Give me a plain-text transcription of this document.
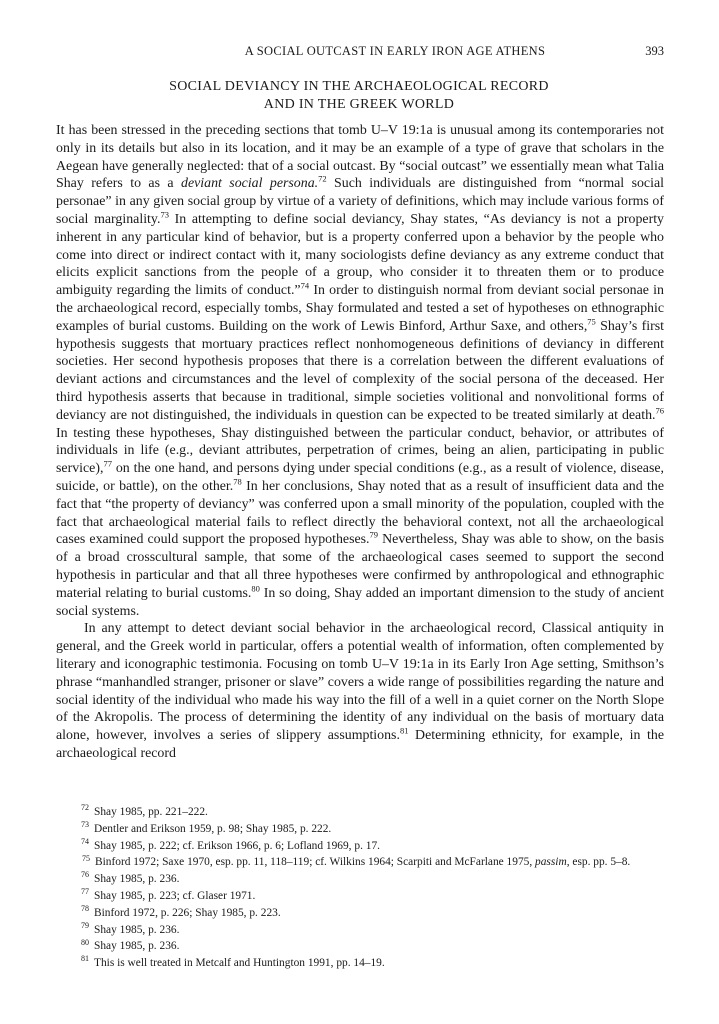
A SOCIAL OUTCAST IN EARLY IRON AGE ATHENS	393
SOCIAL DEVIANCY IN THE ARCHAEOLOGICAL RECORD
AND IN THE GREEK WORLD

It has been stressed in the preceding sections that tomb U–V 19:1a is unusual among its contemporaries not only in its details but also in its location, and it may be an example of a type of grave that scholars in the Aegean have generally neglected: that of a social outcast. By “social outcast” we essentially mean what Talia Shay refers to as a deviant social persona.$^{72}$ Such individuals are distinguished from “normal social personae” in any given social group by virtue of a variety of definitions, which may include various forms of social marginality.$^{73}$ In attempting to define social deviancy, Shay states, “As deviancy is not a property inherent in any particular kind of behavior, but is a property conferred upon a behavior by the people who come into direct or indirect contact with it, many sociologists define deviancy as any extreme conduct that elicits explicit sanctions from the people of a group, who consider it to threaten them or to produce ambiguity regarding the limits of conduct.”$^{74}$ In order to distinguish normal from deviant social personae in the archaeological record, especially tombs, Shay formulated and tested a set of hypotheses on ethnographic examples of burial customs. Building on the work of Lewis Binford, Arthur Saxe, and others,$^{75}$ Shay’s first hypothesis suggests that mortuary practices reflect nonhomogeneous definitions of deviancy in different societies. Her second hypothesis proposes that there is a correlation between the different evaluations of deviant actions and circumstances and the level of complexity of the social persona of the deceased. Her third hypothesis asserts that because in traditional, simple societies volitional and nonvolitional forms of deviancy are not distinguished, the individuals in question can be expected to be treated similarly at death.$^{76}$ In testing these hypotheses, Shay distinguished between the particular conduct, behavior, or attributes of individuals in life (e.g., deviant attributes, perpetration of crimes, being an alien, participating in public service),$^{77}$ on the one hand, and persons dying under special conditions (e.g., as a result of violence, disease, suicide, or battle), on the other.$^{78}$ In her conclusions, Shay noted that as a result of insufficient data and the fact that “the property of deviancy” was conferred upon a small minority of the population, coupled with the fact that archaeological material fails to reflect directly the behavioral context, not all the archaeological cases examined could support the proposed hypotheses.$^{79}$ Nevertheless, Shay was able to show, on the basis of a broad crosscultural sample, that some of the archaeological cases seemed to support the second hypothesis in particular and that all three hypotheses were confirmed by anthropological and ethnographic material relating to burial customs.$^{80}$ In so doing, Shay added an important dimension to the study of ancient social systems.

In any attempt to detect deviant social behavior in the archaeological record, Classical antiquity in general, and the Greek world in particular, offers a potential wealth of information, often complemented by literary and iconographic testimonia. Focusing on tomb U–V 19:1a in its Early Iron Age setting, Smithson’s phrase “manhandled stranger, prisoner or slave” covers a wide range of possibilities regarding the nature and social identity of the individual who made his way into the fill of a well in a quiet corner on the North Slope of the Akropolis. The process of determining the identity of any individual on the basis of mortuary data alone, however, involves a series of slippery assumptions.$^{81}$ Determining ethnicity, for example, in the archaeological record

$^{72}$ Shay 1985, pp. 221–222.

$^{73}$ Dentler and Erikson 1959, p. 98; Shay 1985, p. 222.

$^{74}$ Shay 1985, p. 222; cf. Erikson 1966, p. 6; Lofland 1969, p. 17.

$^{75}$ Binford 1972; Saxe 1970, esp. pp. 11, 118–119; cf. Wilkins 1964; Scarpiti and McFarlane 1975, passim, esp. pp. 5–8.

$^{76}$ Shay 1985, p. 236.

$^{77}$ Shay 1985, p. 223; cf. Glaser 1971.

$^{78}$ Binford 1972, p. 226; Shay 1985, p. 223.

$^{79}$ Shay 1985, p. 236.

$^{80}$ Shay 1985, p. 236.

$^{81}$ This is well treated in Metcalf and Huntington 1991, pp. 14–19.
